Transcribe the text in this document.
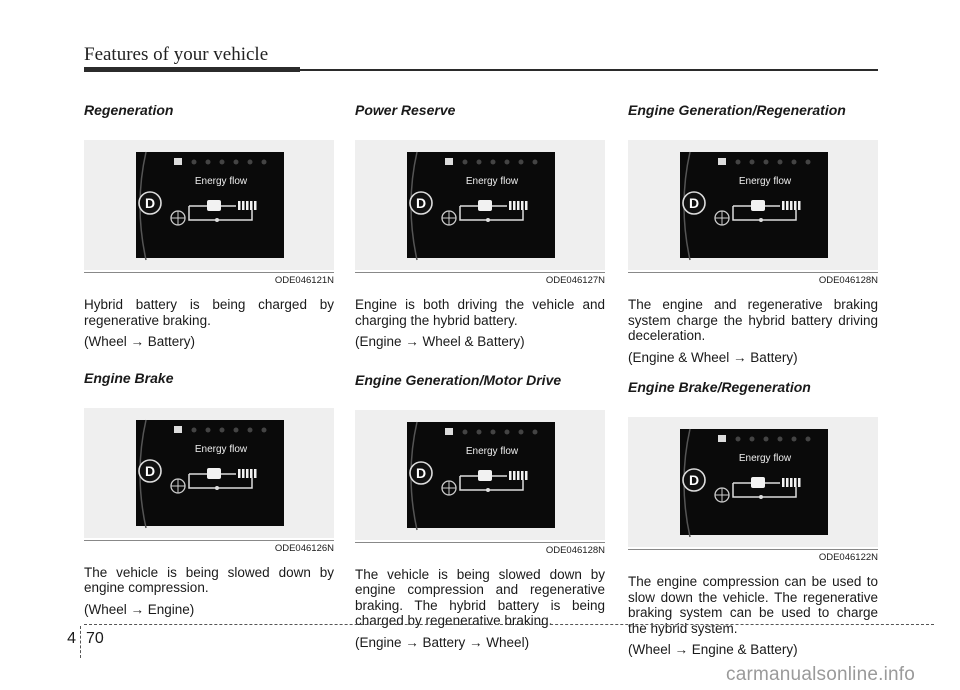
Features of your vehicle
Regeneration
D
Energy flow
ODE046121N

Hybrid battery is being charged by regenerative braking.

(Wheel → Battery)

Engine Brake
D
Energy flow
ODE046126N

The vehicle is being slowed down by engine compression.

(Wheel → Engine)

Power Reserve
D
Energy flow
ODE046127N

Engine is both driving the vehicle and charging the hybrid battery.

(Engine → Wheel & Battery)

Engine Generation/Motor Drive
D
Energy flow
ODE046128N

The vehicle is being slowed down by engine compression and regenerative braking. The hybrid battery is being charged by regenerative braking.

(Engine → Battery → Wheel)

Engine Generation/Regeneration
D
Energy flow
ODE046128N

The engine and regenerative braking system charge the hybrid battery driving deceleration.

(Engine & Wheel → Battery)

Engine Brake/Regeneration
D
Energy flow
ODE046122N

The engine compression can be used to slow down the vehicle. The regenerative braking system can be used to charge the hybrid system.

(Wheel → Engine & Battery)

4 70
carmanualsonline.info
